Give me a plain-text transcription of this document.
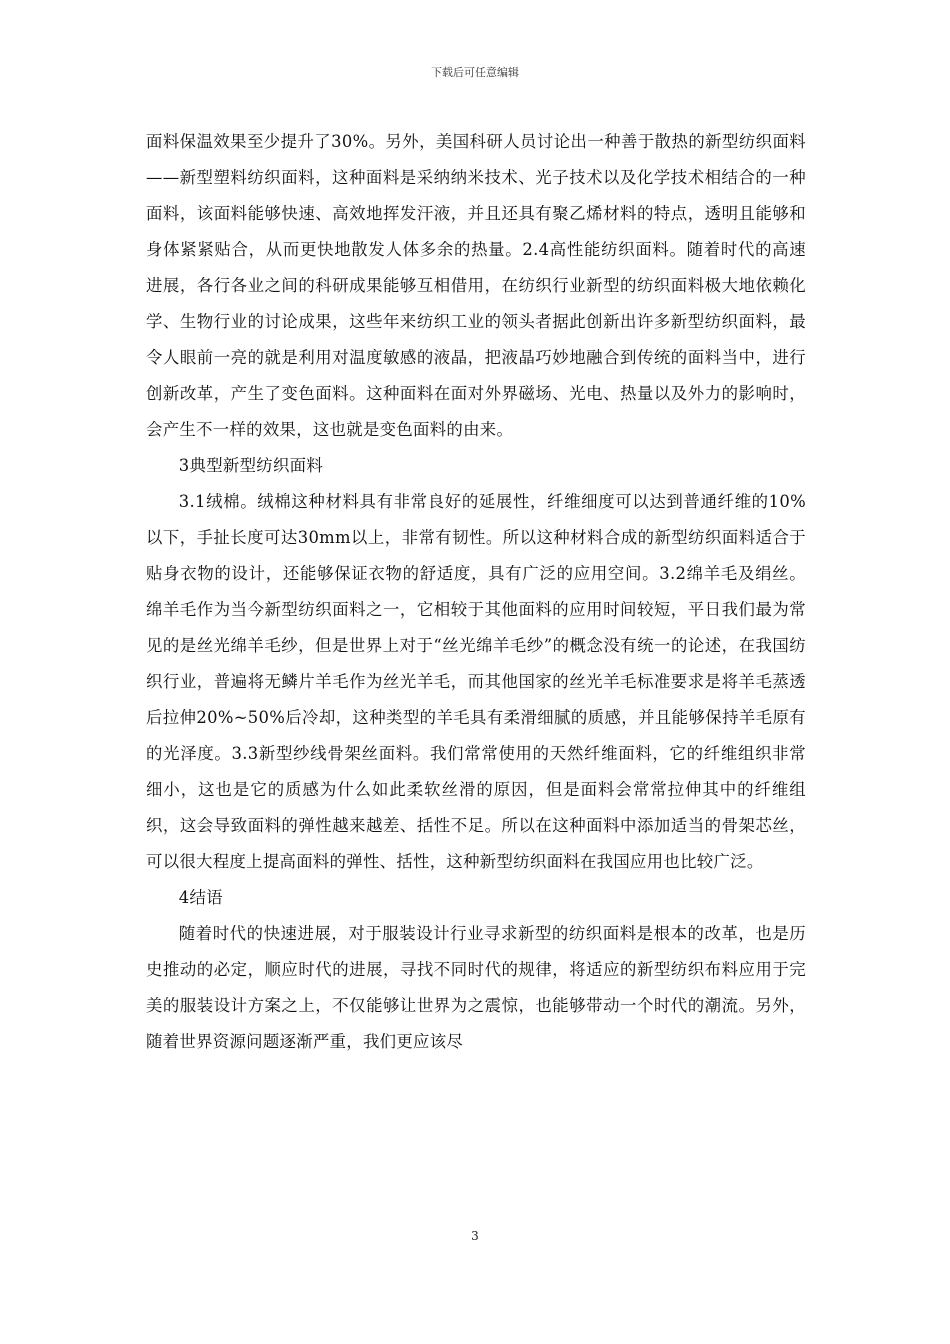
下载后可任意编辑

面料保温效果至少提升了30%。另外，美国科研人员讨论出一种善于散热的新型纺织面料——新型塑料纺织面料，这种面料是采纳纳米技术、光子技术以及化学技术相结合的一种面料，该面料能够快速、高效地挥发汗液，并且还具有聚乙烯材料的特点，透明且能够和身体紧紧贴合，从而更快地散发人体多余的热量。2.4高性能纺织面料。随着时代的高速进展，各行各业之间的科研成果能够互相借用，在纺织行业新型的纺织面料极大地依赖化学、生物行业的讨论成果，这些年来纺织工业的领头者据此创新出许多新型纺织面料，最令人眼前一亮的就是利用对温度敏感的液晶，把液晶巧妙地融合到传统的面料当中，进行创新改革，产生了变色面料。这种面料在面对外界磁场、光电、热量以及外力的影响时，会产生不一样的效果，这也就是变色面料的由来。

3典型新型纺织面料

3.1绒棉。绒棉这种材料具有非常良好的延展性，纤维细度可以达到普通纤维的10%以下，手扯长度可达30mm以上，非常有韧性。所以这种材料合成的新型纺织面料适合于贴身衣物的设计，还能够保证衣物的舒适度，具有广泛的应用空间。3.2绵羊毛及绢丝。绵羊毛作为当今新型纺织面料之一，它相较于其他面料的应用时间较短，平日我们最为常见的是丝光绵羊毛纱，但是世界上对于“丝光绵羊毛纱”的概念没有统一的论述，在我国纺织行业，普遍将无鳞片羊毛作为丝光羊毛，而其他国家的丝光羊毛标准要求是将羊毛蒸透后拉伸20%~50%后冷却，这种类型的羊毛具有柔滑细腻的质感，并且能够保持羊毛原有的光泽度。3.3新型纱线骨架丝面料。我们常常使用的天然纤维面料，它的纤维组织非常细小，这也是它的质感为什么如此柔软丝滑的原因，但是面料会常常拉伸其中的纤维组织，这会导致面料的弹性越来越差、括性不足。所以在这种面料中添加适当的骨架芯丝，可以很大程度上提高面料的弹性、括性，这种新型纺织面料在我国应用也比较广泛。

4结语

随着时代的快速进展，对于服装设计行业寻求新型的纺织面料是根本的改革，也是历史推动的必定，顺应时代的进展，寻找不同时代的规律，将适应的新型纺织布料应用于完美的服装设计方案之上，不仅能够让世界为之震惊，也能够带动一个时代的潮流。另外，随着世界资源问题逐渐严重，我们更应该尽

3
